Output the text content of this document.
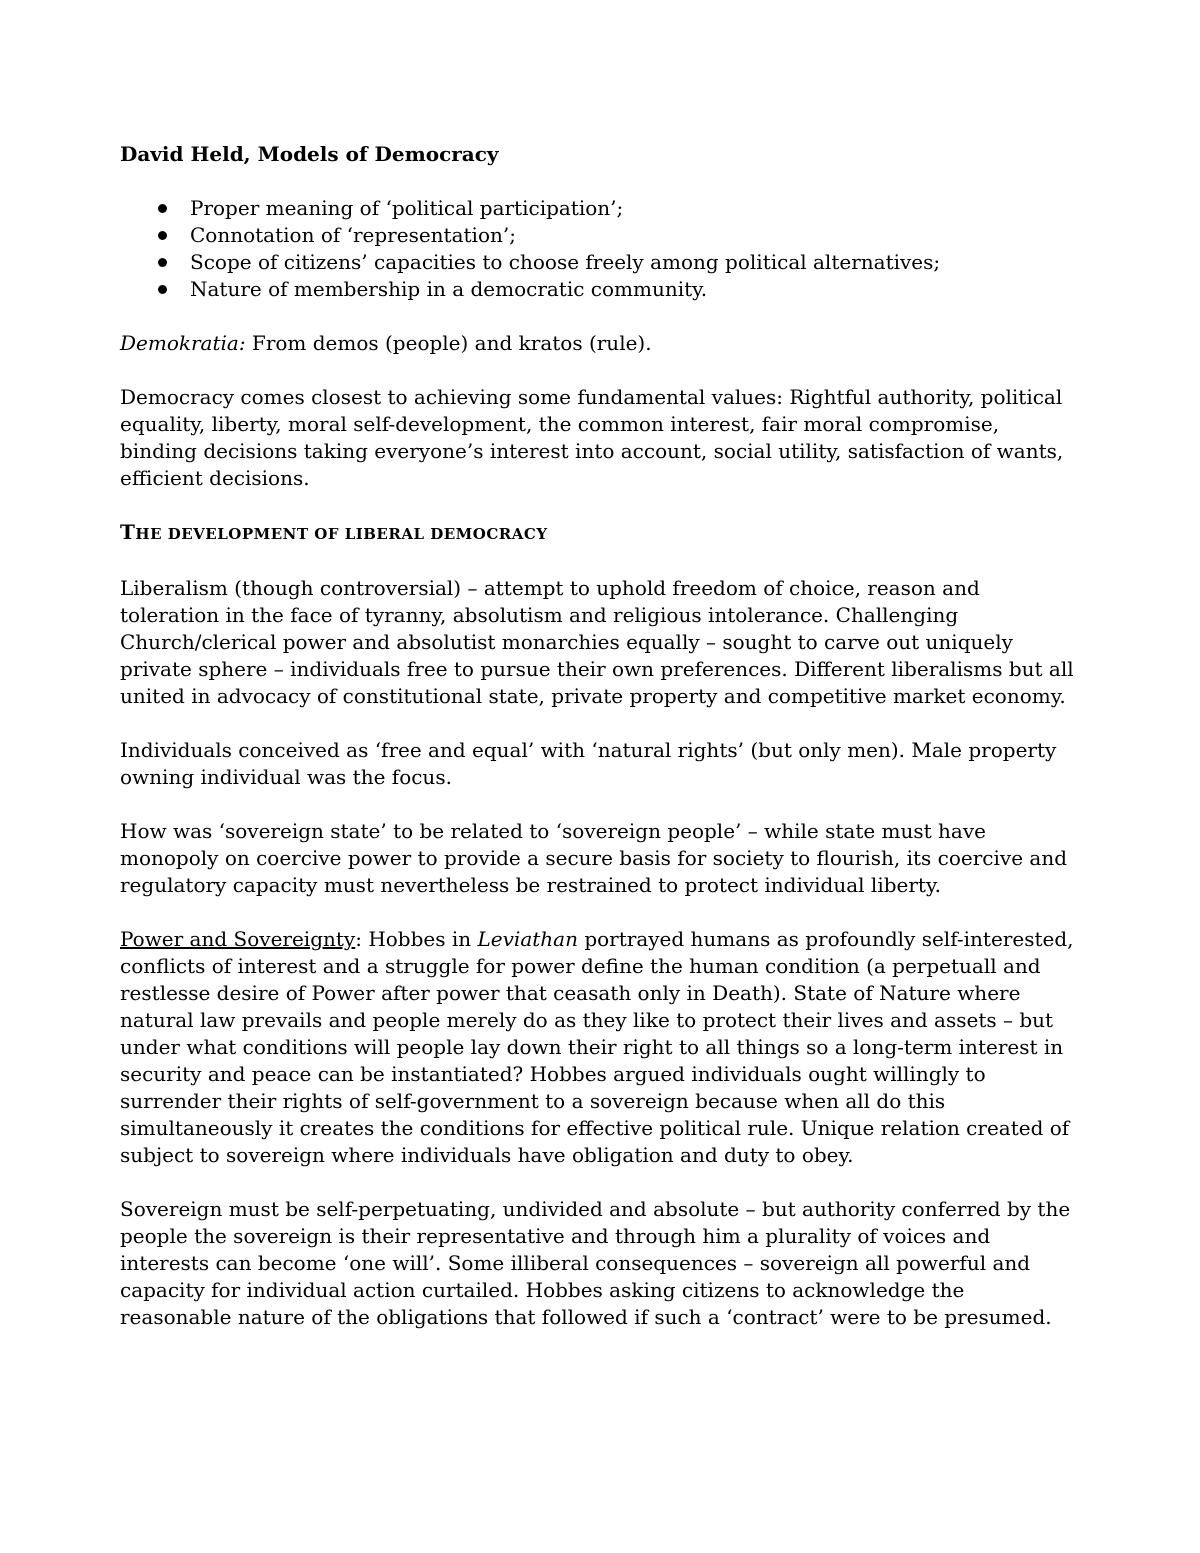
David Held, Models of Democracy
Proper meaning of ‘political participation’;
Connotation of ‘representation’;
Scope of citizens’ capacities to choose freely among political alternatives;
Nature of membership in a democratic community.

Demokratia: From demos (people) and kratos (rule).

Democracy comes closest to achieving some fundamental values: Rightful authority, political equality, liberty, moral self-development, the common interest, fair moral compromise, binding decisions taking everyone’s interest into account, social utility, satisfaction of wants, efficient decisions.

THE DEVELOPMENT OF LIBERAL DEMOCRACY

Liberalism (though controversial) – attempt to uphold freedom of choice, reason and toleration in the face of tyranny, absolutism and religious intolerance. Challenging Church/clerical power and absolutist monarchies equally – sought to carve out uniquely private sphere – individuals free to pursue their own preferences. Different liberalisms but all united in advocacy of constitutional state, private property and competitive market economy.

Individuals conceived as ‘free and equal’ with ‘natural rights’ (but only men). Male property owning individual was the focus.

How was ‘sovereign state’ to be related to ‘sovereign people’ – while state must have monopoly on coercive power to provide a secure basis for society to flourish, its coercive and regulatory capacity must nevertheless be restrained to protect individual liberty.

Power and Sovereignty: Hobbes in Leviathan portrayed humans as profoundly self-interested, conflicts of interest and a struggle for power define the human condition (a perpetuall and restlesse desire of Power after power that ceasath only in Death). State of Nature where natural law prevails and people merely do as they like to protect their lives and assets – but under what conditions will people lay down their right to all things so a long-term interest in security and peace can be instantiated? Hobbes argued individuals ought willingly to surrender their rights of self-government to a sovereign because when all do this simultaneously it creates the conditions for effective political rule. Unique relation created of subject to sovereign where individuals have obligation and duty to obey.

Sovereign must be self-perpetuating, undivided and absolute – but authority conferred by the people the sovereign is their representative and through him a plurality of voices and interests can become ‘one will’. Some illiberal consequences – sovereign all powerful and capacity for individual action curtailed. Hobbes asking citizens to acknowledge the reasonable nature of the obligations that followed if such a ‘contract’ were to be presumed.
